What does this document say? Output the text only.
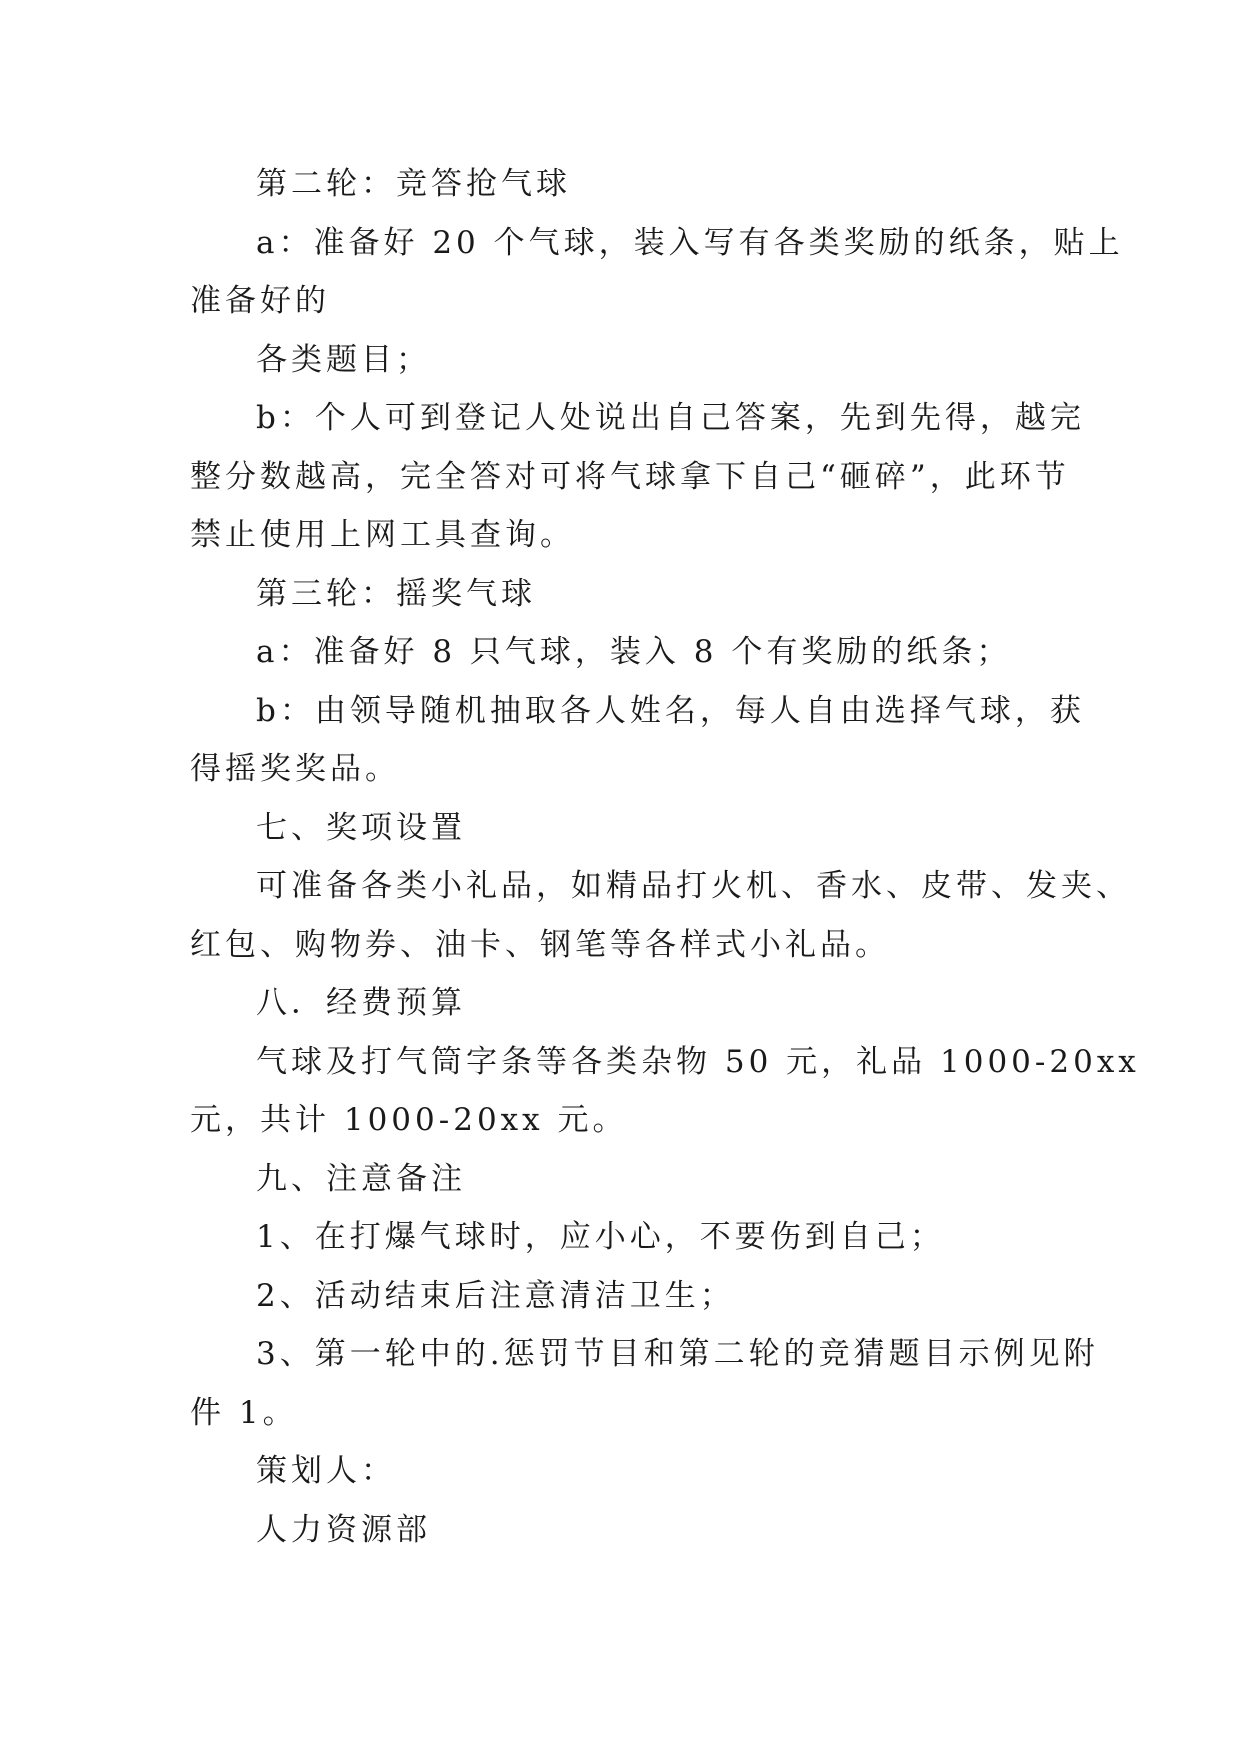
第二轮：竞答抢气球
a：准备好 20 个气球，装入写有各类奖励的纸条，贴上
准备好的
各类题目；
b：个人可到登记人处说出自己答案，先到先得，越完
整分数越高，完全答对可将气球拿下自己“砸碎”，此环节
禁止使用上网工具查询。
第三轮：摇奖气球
a：准备好 8 只气球，装入 8 个有奖励的纸条；
b：由领导随机抽取各人姓名，每人自由选择气球，获
得摇奖奖品。
七、奖项设置
可准备各类小礼品，如精品打火机、香水、皮带、发夹、
红包、购物券、油卡、钢笔等各样式小礼品。
八．经费预算
气球及打气筒字条等各类杂物 50 元，礼品 1000-20xx
元，共计 1000-20xx 元。
九、注意备注
1、在打爆气球时，应小心，不要伤到自己；
2、活动结束后注意清洁卫生；
3、第一轮中的.惩罚节目和第二轮的竞猜题目示例见附
件 1。
策划人：
人力资源部
